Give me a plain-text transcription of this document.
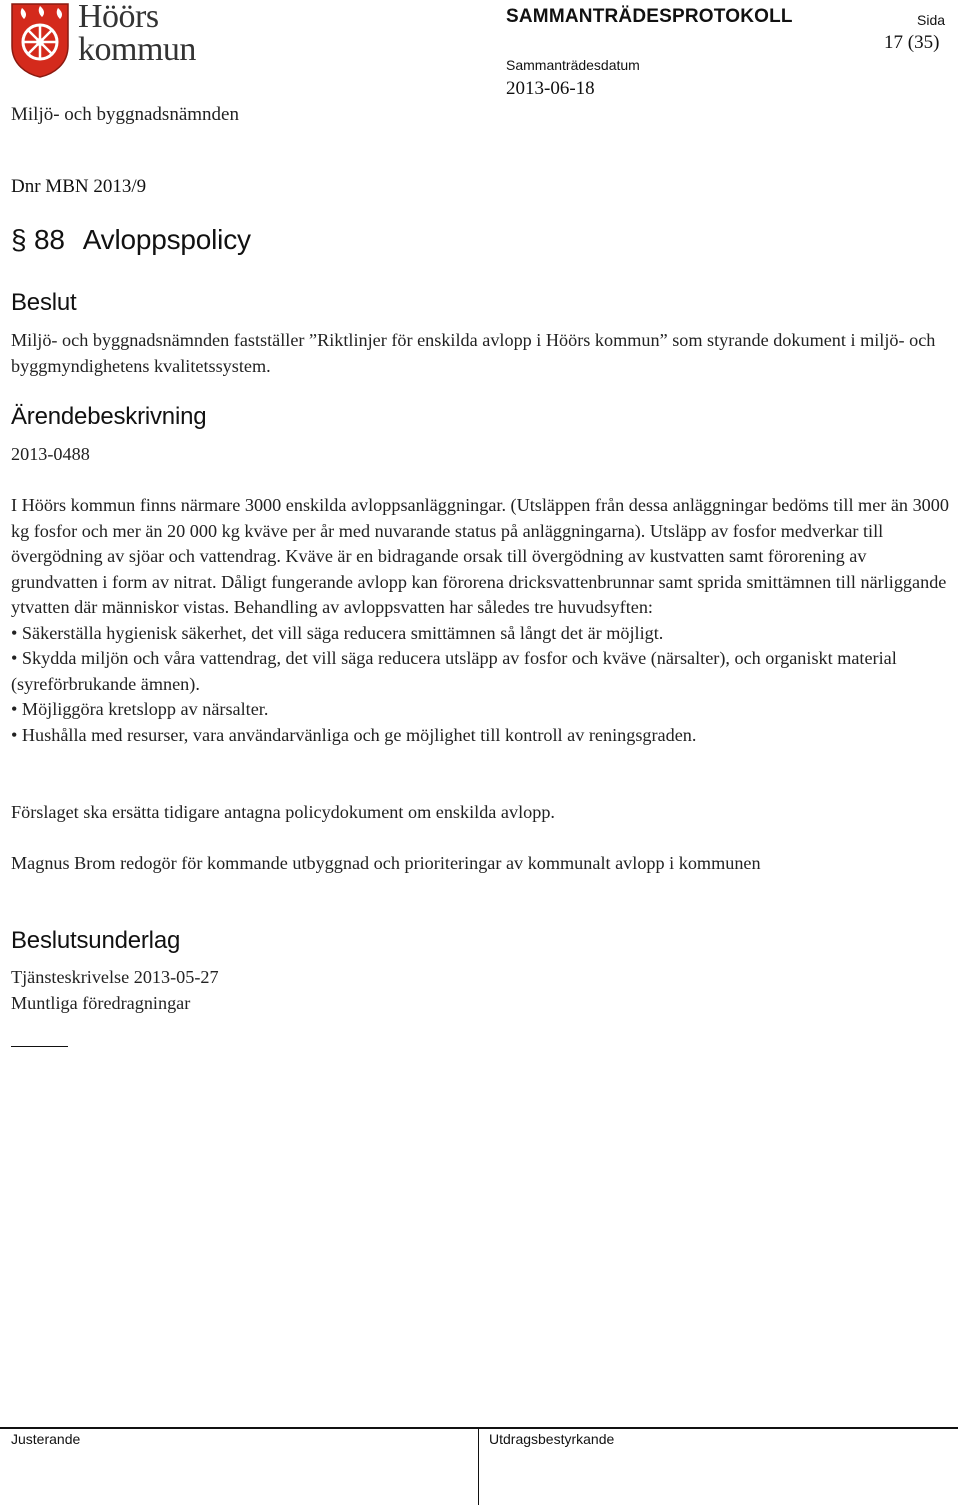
Höörs
kommun
Miljö- och byggnadsnämnden
SAMMANTRÄDESPROTOKOLL	Sida
17 (35)
Sammanträdesdatum
2013-06-18
Dnr MBN 2013/9
§ 88 Avloppspolicy
Beslut
Miljö- och byggnadsnämnden fastställer ”Riktlinjer för enskilda avlopp i Höörs kommun” som styrande dokument i miljö- och byggmyndighetens kvalitetssystem.
Ärendebeskrivning
2013-0488
I Höörs kommun finns närmare 3000 enskilda avloppsanläggningar. (Utsläppen från dessa anläggningar bedöms till mer än 3000 kg fosfor och mer än 20 000 kg kväve per år med nuvarande status på anläggningarna). Utsläpp av fosfor medverkar till övergödning av sjöar och vattendrag. Kväve är en bidragande orsak till övergödning av kustvatten samt förorening av grundvatten i form av nitrat. Dåligt fungerande avlopp kan förorena dricksvattenbrunnar samt sprida smittämnen till närliggande ytvatten där människor vistas. Behandling av avloppsvatten har således tre huvudsyften:
• Säkerställa hygienisk säkerhet, det vill säga reducera smittämnen så långt det är möjligt.
• Skydda miljön och våra vattendrag, det vill säga reducera utsläpp av fosfor och kväve (närsalter), och organiskt material (syreförbrukande ämnen).
• Möjliggöra kretslopp av närsalter.
• Hushålla med resurser, vara användarvänliga och ge möjlighet till kontroll av reningsgraden.
Förslaget ska ersätta tidigare antagna policydokument om enskilda avlopp.
Magnus Brom redogör för kommande utbyggnad och prioriteringar av kommunalt avlopp i kommunen
Beslutsunderlag
Tjänsteskrivelse 2013-05-27
Muntliga föredragningar
Justerande	Utdragsbestyrkande
